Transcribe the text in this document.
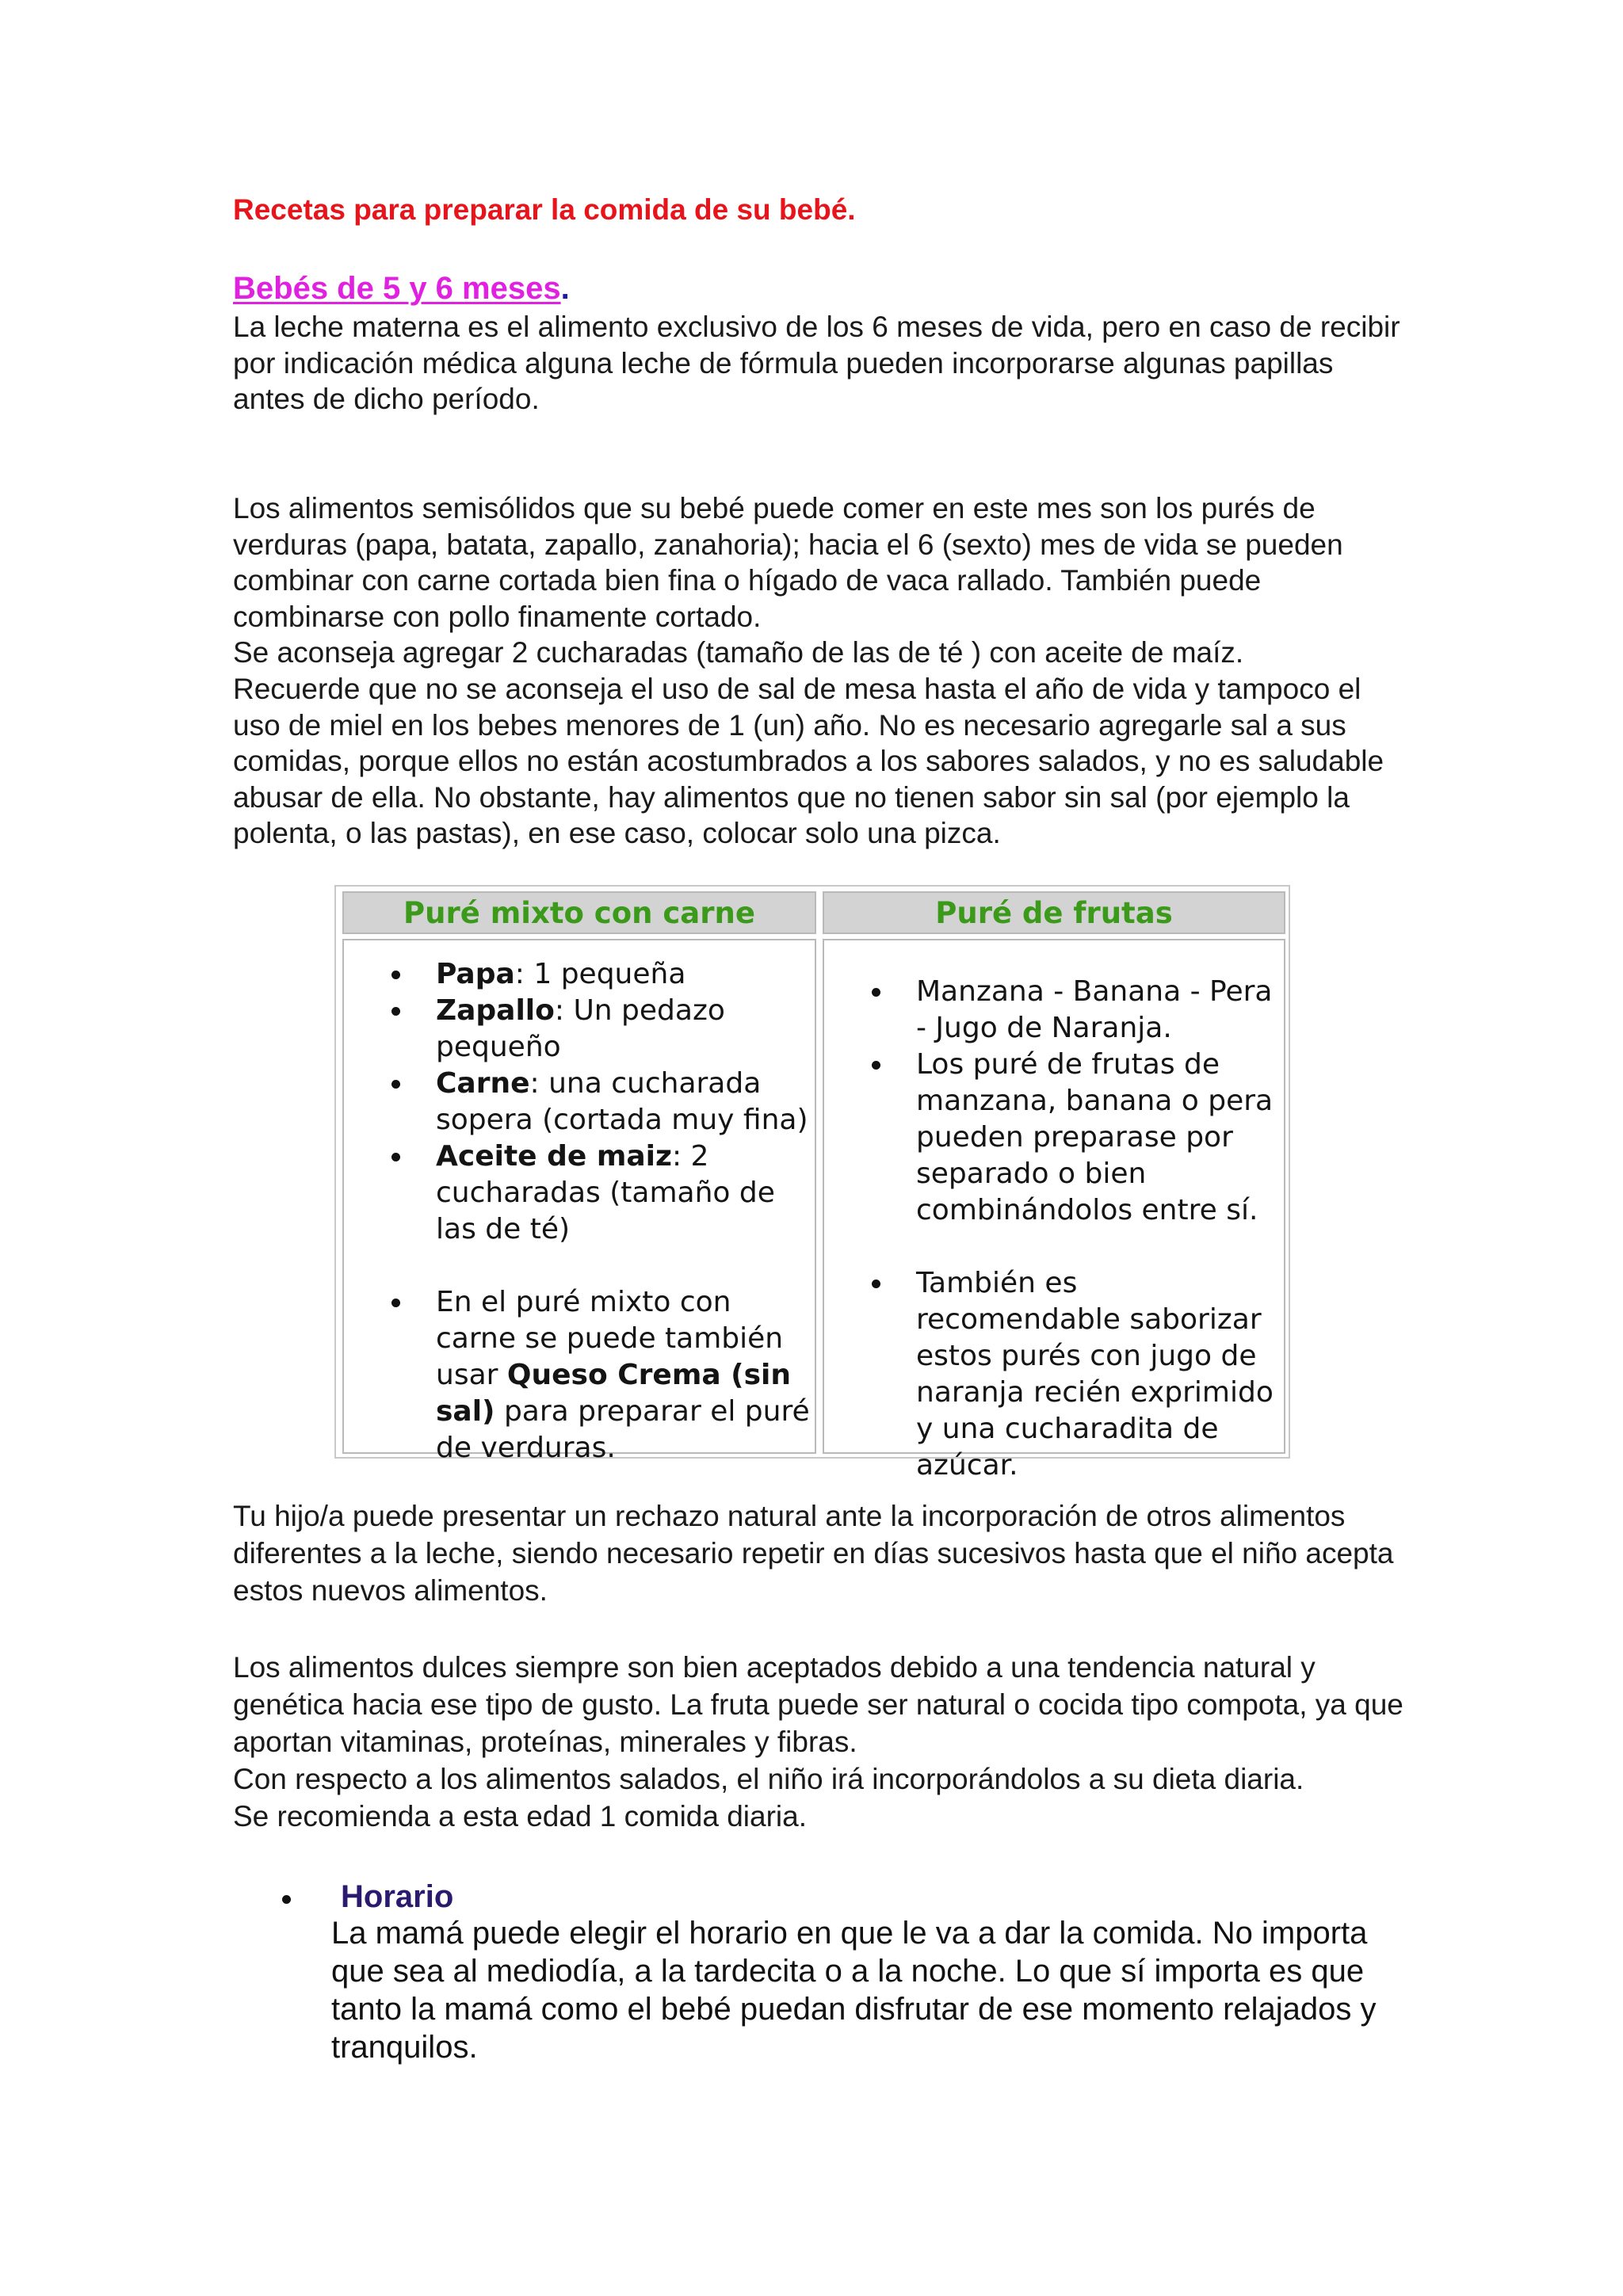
Recetas para preparar la comida de su bebé.
Bebés de 5 y 6 meses.

La leche materna es el alimento exclusivo de los 6 meses de vida, pero en caso de recibir por indicación médica alguna leche de fórmula pueden incorporarse algunas papillas antes de dicho período.

Los alimentos semisólidos que su bebé puede comer en este mes son los purés de verduras (papa, batata, zapallo, zanahoria); hacia el 6 (sexto) mes de vida se pueden combinar con carne cortada bien fina o hígado de vaca rallado. También puede combinarse con pollo finamente cortado.

Se aconseja agregar 2 cucharadas (tamaño de las de té ) con aceite de maíz.

Recuerde que no se aconseja el uso de sal de mesa hasta el año de vida y tampoco el uso de miel en los bebes menores de 1 (un) año. No es necesario agregarle sal a sus comidas, porque ellos no están acostumbrados a los sabores salados, y no es saludable abusar de ella. No obstante, hay alimentos que no tienen sabor sin sal (por ejemplo la polenta, o las pastas), en ese caso, colocar solo una pizca.

Puré mixto con carne	Puré de frutas
Papa: 1 pequeña
Zapallo: Un pedazo pequeño
Carne: una cucharada sopera (cortada muy fina)
Aceite de maiz: 2 cucharadas (tamaño de las de té)
En el puré mixto con carne se puede también usar Queso Crema (sin sal) para preparar el puré de verduras.
Manzana - Banana - Pera - Jugo de Naranja.
Los puré de frutas de manzana, banana o pera pueden preparase por separado o bien combinándolos entre sí.
También es recomendable saborizar estos purés con jugo de naranja recién exprimido y una cucharadita de azúcar.

Tu hijo/a puede presentar un rechazo natural ante la incorporación de otros alimentos diferentes a la leche, siendo necesario repetir en días sucesivos hasta que el niño acepta estos nuevos alimentos.

Los alimentos dulces siempre son bien aceptados debido a una tendencia natural y genética hacia ese tipo de gusto. La fruta puede ser natural o cocida tipo compota, ya que aportan vitaminas, proteínas, minerales y fibras.

Con respecto a los alimentos salados, el niño irá incorporándolos a su dieta diaria.

Se recomienda a esta edad 1 comida diaria.

Horario
La mamá puede elegir el horario en que le va a dar la comida. No importa que sea al mediodía, a la tardecita o a la noche. Lo que sí importa es que tanto la mamá como el bebé puedan disfrutar de ese momento relajados y tranquilos.
